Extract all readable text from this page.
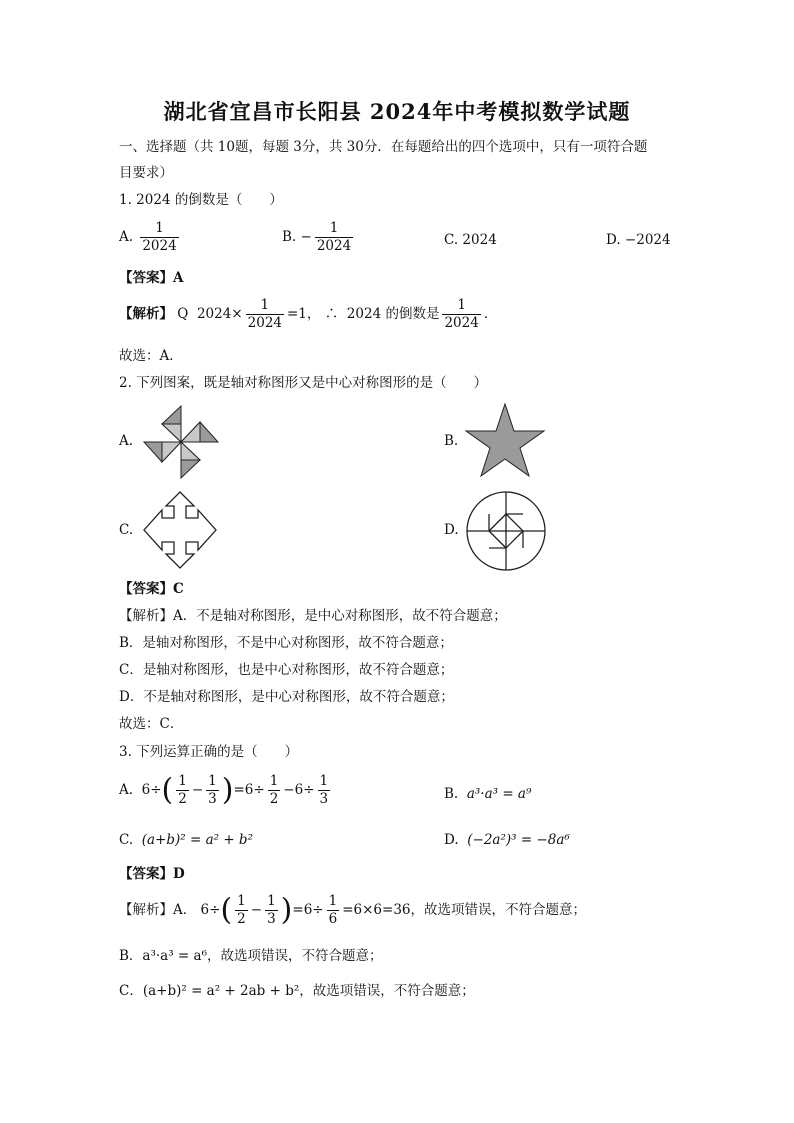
湖北省宜昌市长阳县 2024年中考模拟数学试题
一、选择题（共 10题，每题 3分，共 30分．在每题给出的四个选项中，只有一项符合题
目要求）
1. 2024 的倒数是（　　）
A. $\frac{1}{2024}$	B. − $\frac{1}{2024}$	C. 2024	D. −2024
【答案】A
【解析】 Q $2024\times \frac{1}{2024} =1$， ∴ 2024 的倒数是 $\frac{1}{2024}$ ．
故选：A．
2. 下列图案，既是轴对称图形又是中心对称图形的是（　　）
A.	B.
C.	D.
【答案】C
【解析】A．不是轴对称图形，是中心对称图形，故不符合题意；
B．是轴对称图形，不是中心对称图形，故不符合题意；
C．是轴对称图形，也是中心对称图形，故不符合题意；
D．不是轴对称图形，是中心对称图形，故不符合题意；
故选：C．
3. 下列运算正确的是（　　）
A. $6\div( \frac{1}{2} - \frac{1}{3} )=6\div \frac{1}{2} -6\div \frac{1}{3}$	B. a³·a³ = a⁹
C. (a+b)² = a² + b²	D. (−2a²)³ = −8a⁶
【答案】D
【解析】A． $6\div( \frac{1}{2} - \frac{1}{3} )=6\div \frac{1}{6} =6\times 6=36$，故选项错误，不符合题意；
B．a³·a³ = a⁶，故选项错误，不符合题意；
C．(a+b)² = a² + 2ab + b²，故选项错误，不符合题意；
